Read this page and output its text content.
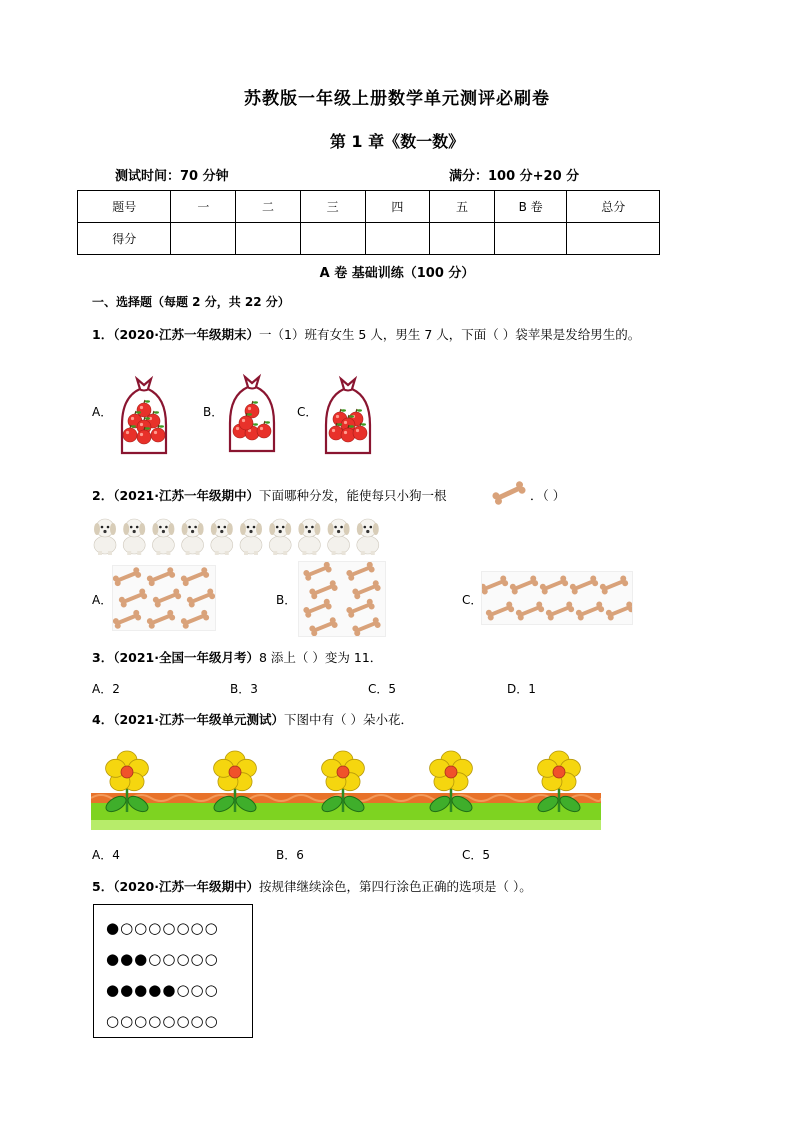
苏教版一年级上册数学单元测评必刷卷
第 1 章《数一数》
测试时间：70 分钟	满分：100 分+20 分
题号	一	二	三	四	五	B 卷	总分
得分							
A 卷 基础训练（100 分）
一、选择题（每题 2 分，共 22 分）
1．（2020·江苏一年级期末）一（1）班有女生 5 人，男生 7 人，下面（ ）袋苹果是发给男生的。
A．	B．	C．
2．（2021·江苏一年级期中）下面哪种分发，能使每只小狗一根	．（ ）
A．	B．	C．
3．（2021·全国一年级月考）8 添上（ ）变为 11．
A．2	B．3	C．5	D．1
4．（2021·江苏一年级单元测试）下图中有（ ）朵小花．
A．4	B．6	C．5
5．（2020·江苏一年级期中）按规律继续涂色，第四行涂色正确的选项是（ ）。
●○○○○○○○
●●●○○○○○
●●●●●○○○
○○○○○○○○
